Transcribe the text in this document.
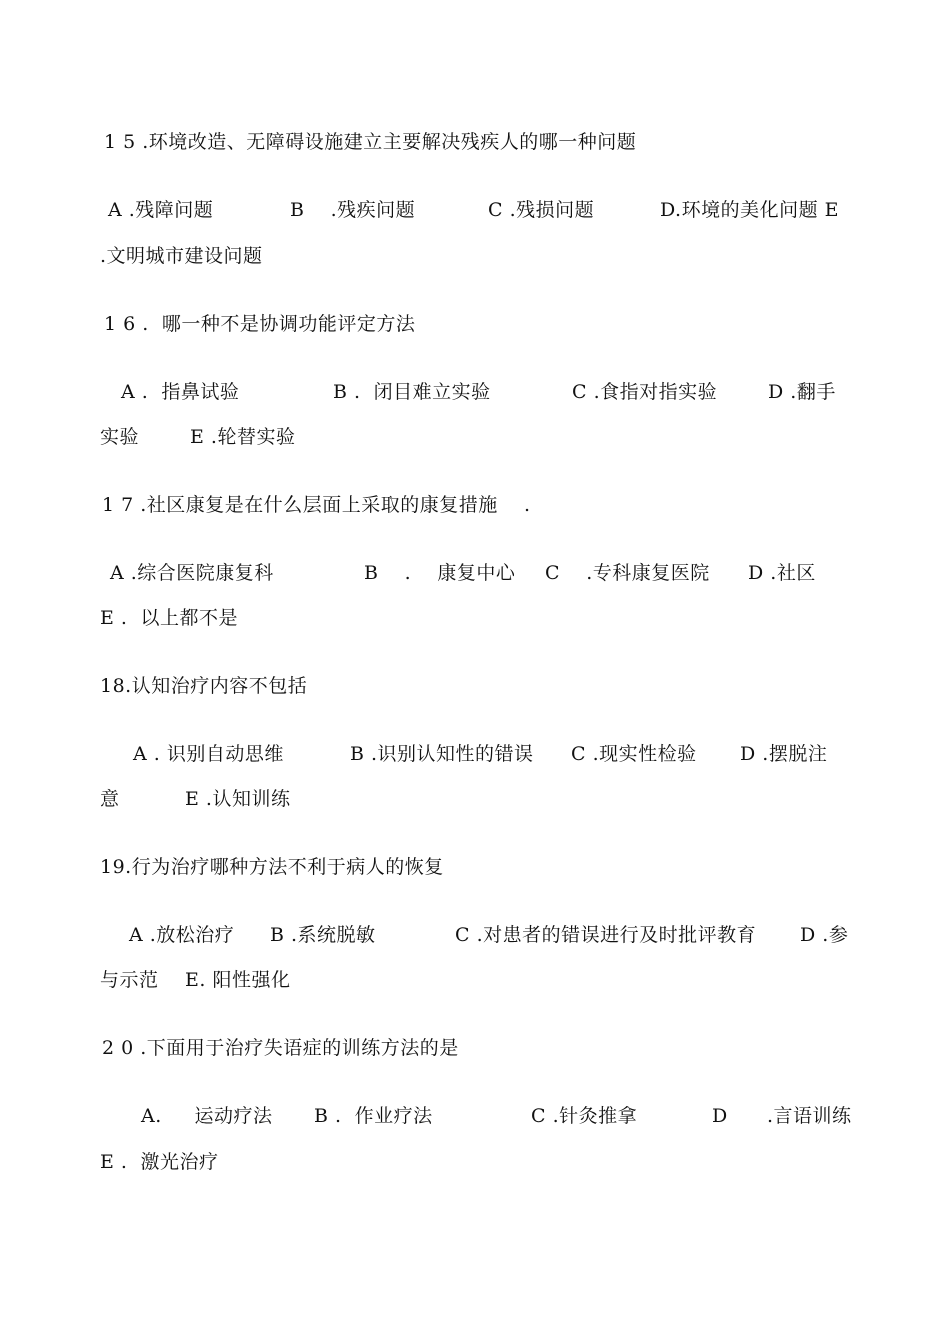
1 5 .环境改造、无障碍设施建立主要解决残疾人的哪一种问题
A .残障问题	B    .残疾问题	C .残损问题	D.环境的美化问题 E
.文明城市建设问题
1 6 .  哪一种不是协调功能评定方法
A .  指鼻试验	B .  闭目难立实验	C .食指对指实验	D .翻手
实验	E .轮替实验
1 7 .社区康复是在什么层面上采取的康复措施    .
A .综合医院康复科	B    .    康复中心 C    .专科康复医院 D .社区
E .  以上都不是
18.认知治疗内容不包括
A . 识别自动思维	B .识别认知性的错误 C .现实性检验 D .摆脱注
意	E .认知训练
19.行为治疗哪种方法不利于病人的恢复
A .放松治疗 B .系统脱敏	C .对患者的错误进行及时批评教育 D .参
与示范 E. 阳性强化
2 0 .下面用于治疗失语症的训练方法的是
A.     运动疗法 B .  作业疗法	C .针灸推拿	D      .言语训练
E .  激光治疗
